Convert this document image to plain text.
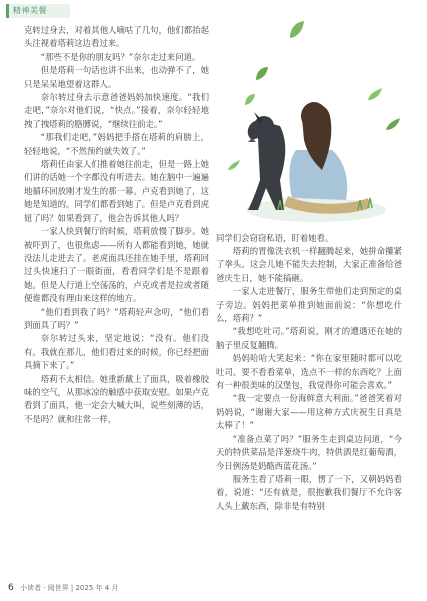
精神美餐

克转过身去，对着其他人嘀咕了几句，他们都抬起头注视着塔莉这边看过来。

“那些不是你的朋友吗？”奈尔走过来问道。

但是塔莉一句话也讲不出来，也动弹不了，她只是呆呆地望着这群人。

奈尔转过身去示意爸爸妈妈加快速度。“我们走吧，”奈尔对他们说，“快点。”接着，奈尔轻轻地拽了拽塔莉的胳膊说，“继续往前走。”

“那我们走吧，”妈妈把手搭在塔莉的肩膀上，轻轻地说，“不然预约就失效了。”

塔莉任由家人们推着她往前走，但是一路上她们讲的话她一个字都没有听进去。她在脑中一遍遍地循环回放刚才发生的那一幕。卢克看到她了，这她是知道的。同学们都看到她了。但是卢克看到虎妞了吗？如果看到了，他会告诉其他人吗？

一家人快到餐厅的时候，塔莉放慢了脚步。她被吓到了，也很焦虑——所有人都能看到她，她就没法儿走进去了。老虎面具还挂在她手里，塔莉回过头快速扫了一眼街面，看看同学们是不是跟着她。但是人行道上空荡荡的，卢克或者是拉或者随便谁都没有理由来这样的地方。

“他们看到我了吗？”塔莉轻声念叨，“他们看到面具了吗？”

奈尔转过头来，坚定地说：“没有。他们没有。我就在那儿，他们看过来的时候，你已经把面具摘下来了。”

塔莉不太相信。她重新戴上了面具，吸着橡胶味的空气，从那冰凉的触感中获取安慰。如果卢克看到了面具，他一定会大喊大叫，说些刻薄的话，不是吗？就和往常一样，

同学们会窃窃私语，盯着她看。

塔莉的胃像洗衣机一样翻腾起来，她拼命攥紧了拳头。这会儿她不能失去控制，大家正准备给爸爸庆生日，她不能搞砸。

一家人走进餐厅，服务生带他们走到预定的桌子旁边。妈妈把菜单推到她面前说：“你想吃什么，塔莉？”

“我想吃吐司。”塔莉说，刚才的遭遇还在她的脑子里反复翻腾。

妈妈哈哈大笑起来：“你在家里随时都可以吃吐司。要不看看菜单，选点不一样的东西吃？上面有一种很美味的汉堡包，我觉得你可能会喜欢。”

“我一定要点一份海鲜意大利面。”爸爸笑着对妈妈说，“谢谢大家——用这种方式庆祝生日真是太棒了！”

“准备点菜了吗？”服务生走到桌边问道，“今天的特供菜品是洋葱烧牛肉，特供酒是红葡萄酒，今日例汤是奶酪西蓝花汤。”

服务生看了塔莉一眼，愣了一下，又朝妈妈看着，说道：“还有就是，很抱歉我们餐厅不允许客人头上戴东西，除非是有特别

6 小读者 · 阅世界 | 2025 年 4 月
